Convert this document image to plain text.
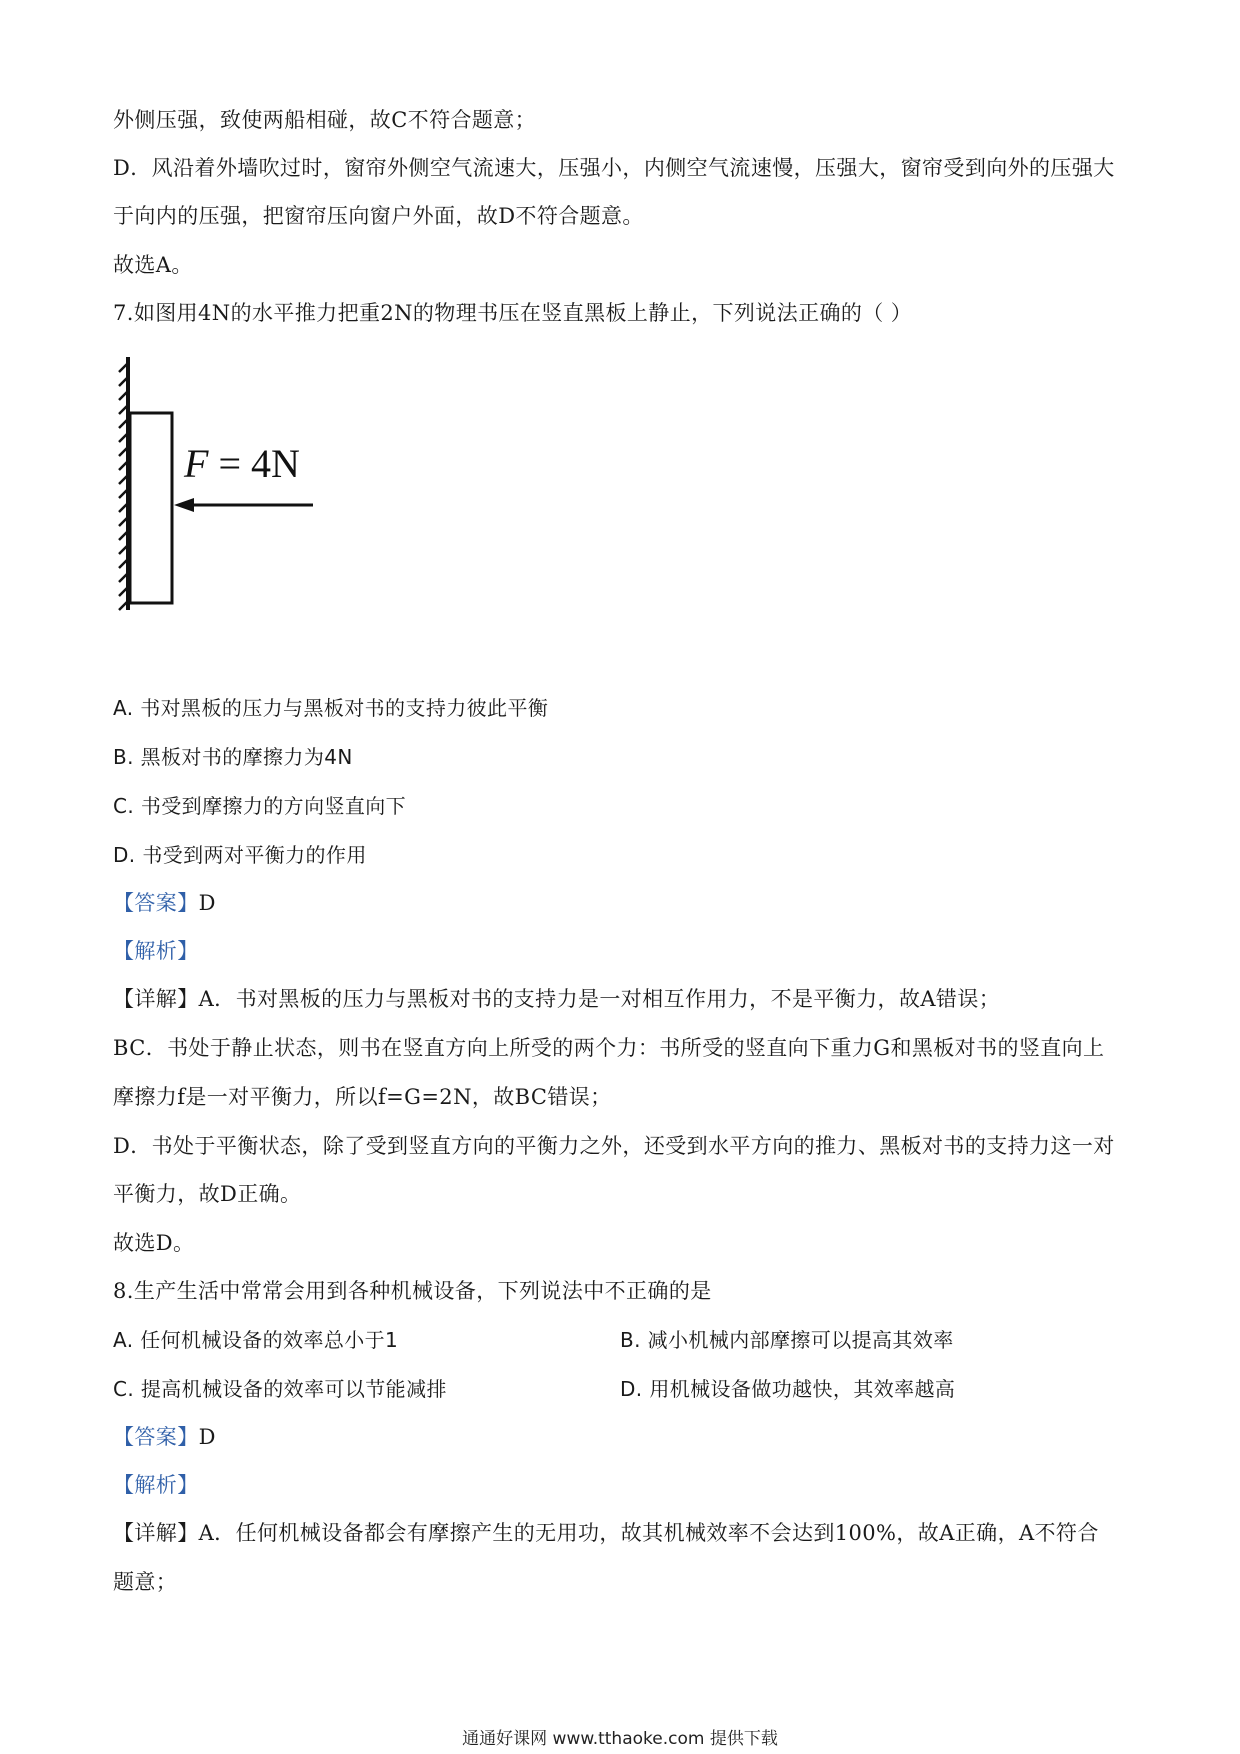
外侧压强，致使两船相碰，故C不符合题意；
D．风沿着外墙吹过时，窗帘外侧空气流速大，压强小，内侧空气流速慢，压强大，窗帘受到向外的压强大
于向内的压强，把窗帘压向窗户外面，故D不符合题意。
故选A。
7.如图用4N的水平推力把重2N的物理书压在竖直黑板上静止，下列说法正确的（ ）
F = 4N
A. 书对黑板的压力与黑板对书的支持力彼此平衡
B. 黑板对书的摩擦力为4N
C. 书受到摩擦力的方向竖直向下
D. 书受到两对平衡力的作用
【答案】D
【解析】
【详解】A．书对黑板的压力与黑板对书的支持力是一对相互作用力，不是平衡力，故A错误；
BC．书处于静止状态，则书在竖直方向上所受的两个力：书所受的竖直向下重力G和黑板对书的竖直向上
摩擦力f是一对平衡力，所以f=G=2N，故BC错误；
D．书处于平衡状态，除了受到竖直方向的平衡力之外，还受到水平方向的推力、黑板对书的支持力这一对
平衡力，故D正确。
故选D。
8.生产生活中常常会用到各种机械设备，下列说法中不正确的是
A. 任何机械设备的效率总小于1	B. 减小机械内部摩擦可以提高其效率
C. 提高机械设备的效率可以节能减排	D. 用机械设备做功越快，其效率越高
【答案】D
【解析】
【详解】A．任何机械设备都会有摩擦产生的无用功，故其机械效率不会达到100%，故A正确，A不符合
题意；
通通好课网 www.tthaoke.com 提供下载
